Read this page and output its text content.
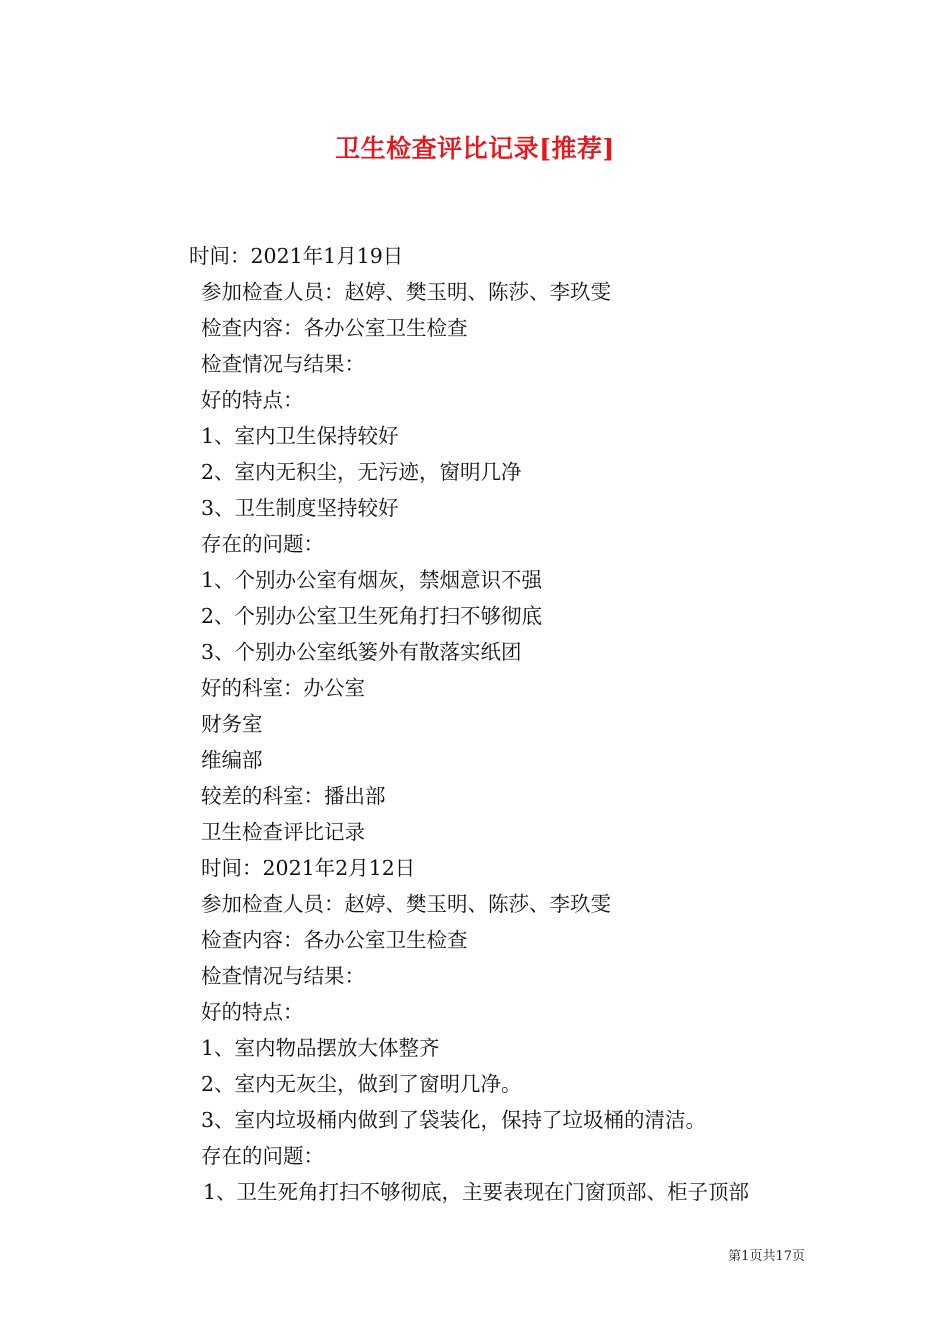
卫生检查评比记录[推荐]
时间：2021年1月19日
参加检查人员：赵婷、樊玉明、陈莎、李玖雯
检查内容：各办公室卫生检查
检查情况与结果：
好的特点：
1、室内卫生保持较好
2、室内无积尘，无污迹，窗明几净
3、卫生制度坚持较好
存在的问题：
1、个别办公室有烟灰，禁烟意识不强
2、个别办公室卫生死角打扫不够彻底
3、个别办公室纸篓外有散落实纸团
好的科室：办公室
财务室
维编部
较差的科室：播出部
卫生检查评比记录
时间：2021年2月12日
参加检查人员：赵婷、樊玉明、陈莎、李玖雯
检查内容：各办公室卫生检查
检查情况与结果：
好的特点：
1、室内物品摆放大体整齐
2、室内无灰尘，做到了窗明几净。
3、室内垃圾桶内做到了袋装化，保持了垃圾桶的清洁。
存在的问题：
1、卫生死角打扫不够彻底，主要表现在门窗顶部、柜子顶部
第1页共17页
